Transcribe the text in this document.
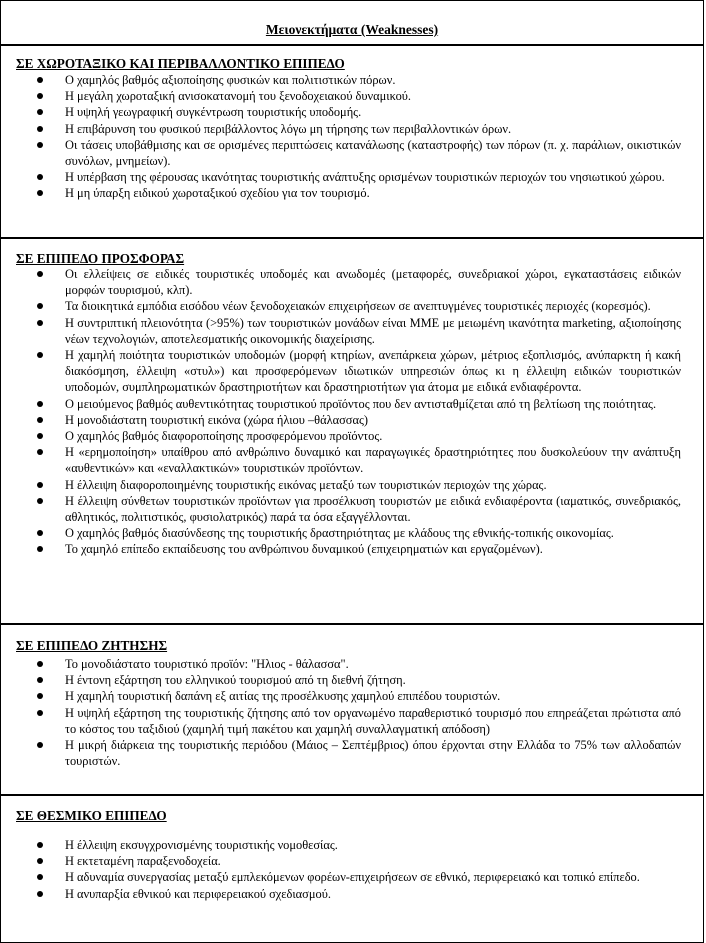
Μειονεκτήματα (Weaknesses)

ΣΕ ΧΩΡΟΤΑΞΙΚΟ ΚΑΙ ΠΕΡΙΒΑΛΛΟΝΤΙΚΟ ΕΠΙΠΕΔΟ

Ο χαμηλός βαθμός αξιοποίησης φυσικών και πολιτιστικών πόρων.
Η μεγάλη χωροταξική ανισοκατανομή του ξενοδοχειακού δυναμικού.
Η υψηλή γεωγραφική συγκέντρωση τουριστικής υποδομής.
Η επιβάρυνση του φυσικού περιβάλλοντος λόγω μη τήρησης των περιβαλλοντικών όρων.
Οι τάσεις υποβάθμισης και σε ορισμένες περιπτώσεις κατανάλωσης (καταστροφής) των πόρων (π. χ. παράλιων, οικιστικών συνόλων, μνημείων).
Η υπέρβαση της φέρουσας ικανότητας τουριστικής ανάπτυξης ορισμένων τουριστικών περιοχών του νησιωτικού χώρου.
Η μη ύπαρξη ειδικού χωροταξικού σχεδίου για τον τουρισμό.

ΣΕ ΕΠΙΠΕΔΟ ΠΡΟΣΦΟΡΑΣ

Οι ελλείψεις σε ειδικές τουριστικές υποδομές και ανωδομές (μεταφορές, συνεδριακοί χώροι, εγκαταστάσεις ειδικών μορφών τουρισμού, κλπ).
Τα διοικητικά εμπόδια εισόδου νέων ξενοδοχειακών επιχειρήσεων σε ανεπτυγμένες τουριστικές περιοχές (κορεσμός).
Η συντριπτική πλειονότητα (>95%) των τουριστικών μονάδων είναι ΜΜΕ με μειωμένη ικανότητα marketing, αξιοποίησης νέων τεχνολογιών, αποτελεσματικής οικονομικής διαχείρισης.
Η χαμηλή ποιότητα τουριστικών υποδομών (μορφή κτηρίων, ανεπάρκεια χώρων, μέτριος εξοπλισμός, ανύπαρκτη ή κακή διακόσμηση, έλλειψη «στυλ») και προσφερόμενων ιδιωτικών υπηρεσιών όπως κι η έλλειψη ειδικών τουριστικών υποδομών, συμπληρωματικών δραστηριοτήτων και δραστηριοτήτων για άτομα με ειδικά ενδιαφέροντα.
Ο μειούμενος βαθμός αυθεντικότητας τουριστικού προϊόντος που δεν αντισταθμίζεται από τη βελτίωση της ποιότητας.
Η μονοδιάστατη τουριστική εικόνα (χώρα ήλιου –θάλασσας)
Ο χαμηλός βαθμός διαφοροποίησης προσφερόμενου προϊόντος.
Η «ερημοποίηση» υπαίθρου από ανθρώπινο δυναμικό και παραγωγικές δραστηριότητες που δυσκολεύουν την ανάπτυξη «αυθεντικών» και «εναλλακτικών» τουριστικών προϊόντων.
Η έλλειψη διαφοροποιημένης τουριστικής εικόνας μεταξύ των τουριστικών περιοχών της χώρας.
Η έλλειψη σύνθετων τουριστικών προϊόντων για προσέλκυση τουριστών με ειδικά ενδιαφέροντα (ιαματικός, συνεδριακός, αθλητικός, πολιτιστικός, φυσιολατρικός) παρά τα όσα εξαγγέλλονται.
Ο χαμηλός βαθμός διασύνδεσης της τουριστικής δραστηριότητας με κλάδους της εθνικής-τοπικής οικονομίας.
Το χαμηλό επίπεδο εκπαίδευσης του ανθρώπινου δυναμικού (επιχειρηματιών και εργαζομένων).

ΣΕ ΕΠΙΠΕΔΟ ΖΗΤΗΣΗΣ

Το μονοδιάστατο τουριστικό προϊόν: "Ηλιος - θάλασσα".
Η έντονη εξάρτηση του ελληνικού τουρισμού από τη διεθνή ζήτηση.
Η χαμηλή τουριστική δαπάνη εξ αιτίας της προσέλκυσης χαμηλού επιπέδου τουριστών.
Η υψηλή εξάρτηση της τουριστικής ζήτησης από τον οργανωμένο παραθεριστικό τουρισμό που επηρεάζεται πρώτιστα από το κόστος του ταξιδιού (χαμηλή τιμή πακέτου και χαμηλή συναλλαγματική απόδοση)
Η μικρή διάρκεια της τουριστικής περιόδου (Μάιος – Σεπτέμβριος) όπου έρχονται στην Ελλάδα το 75% των αλλοδαπών τουριστών.

ΣΕ ΘΕΣΜΙΚΟ ΕΠΙΠΕΔΟ

Η έλλειψη εκσυγχρονισμένης τουριστικής νομοθεσίας.
Η εκτεταμένη παραξενοδοχεία.
Η αδυναμία συνεργασίας μεταξύ εμπλεκόμενων φορέων-επιχειρήσεων σε εθνικό, περιφερειακό και τοπικό επίπεδο.
Η ανυπαρξία εθνικού και περιφερειακού σχεδιασμού.
